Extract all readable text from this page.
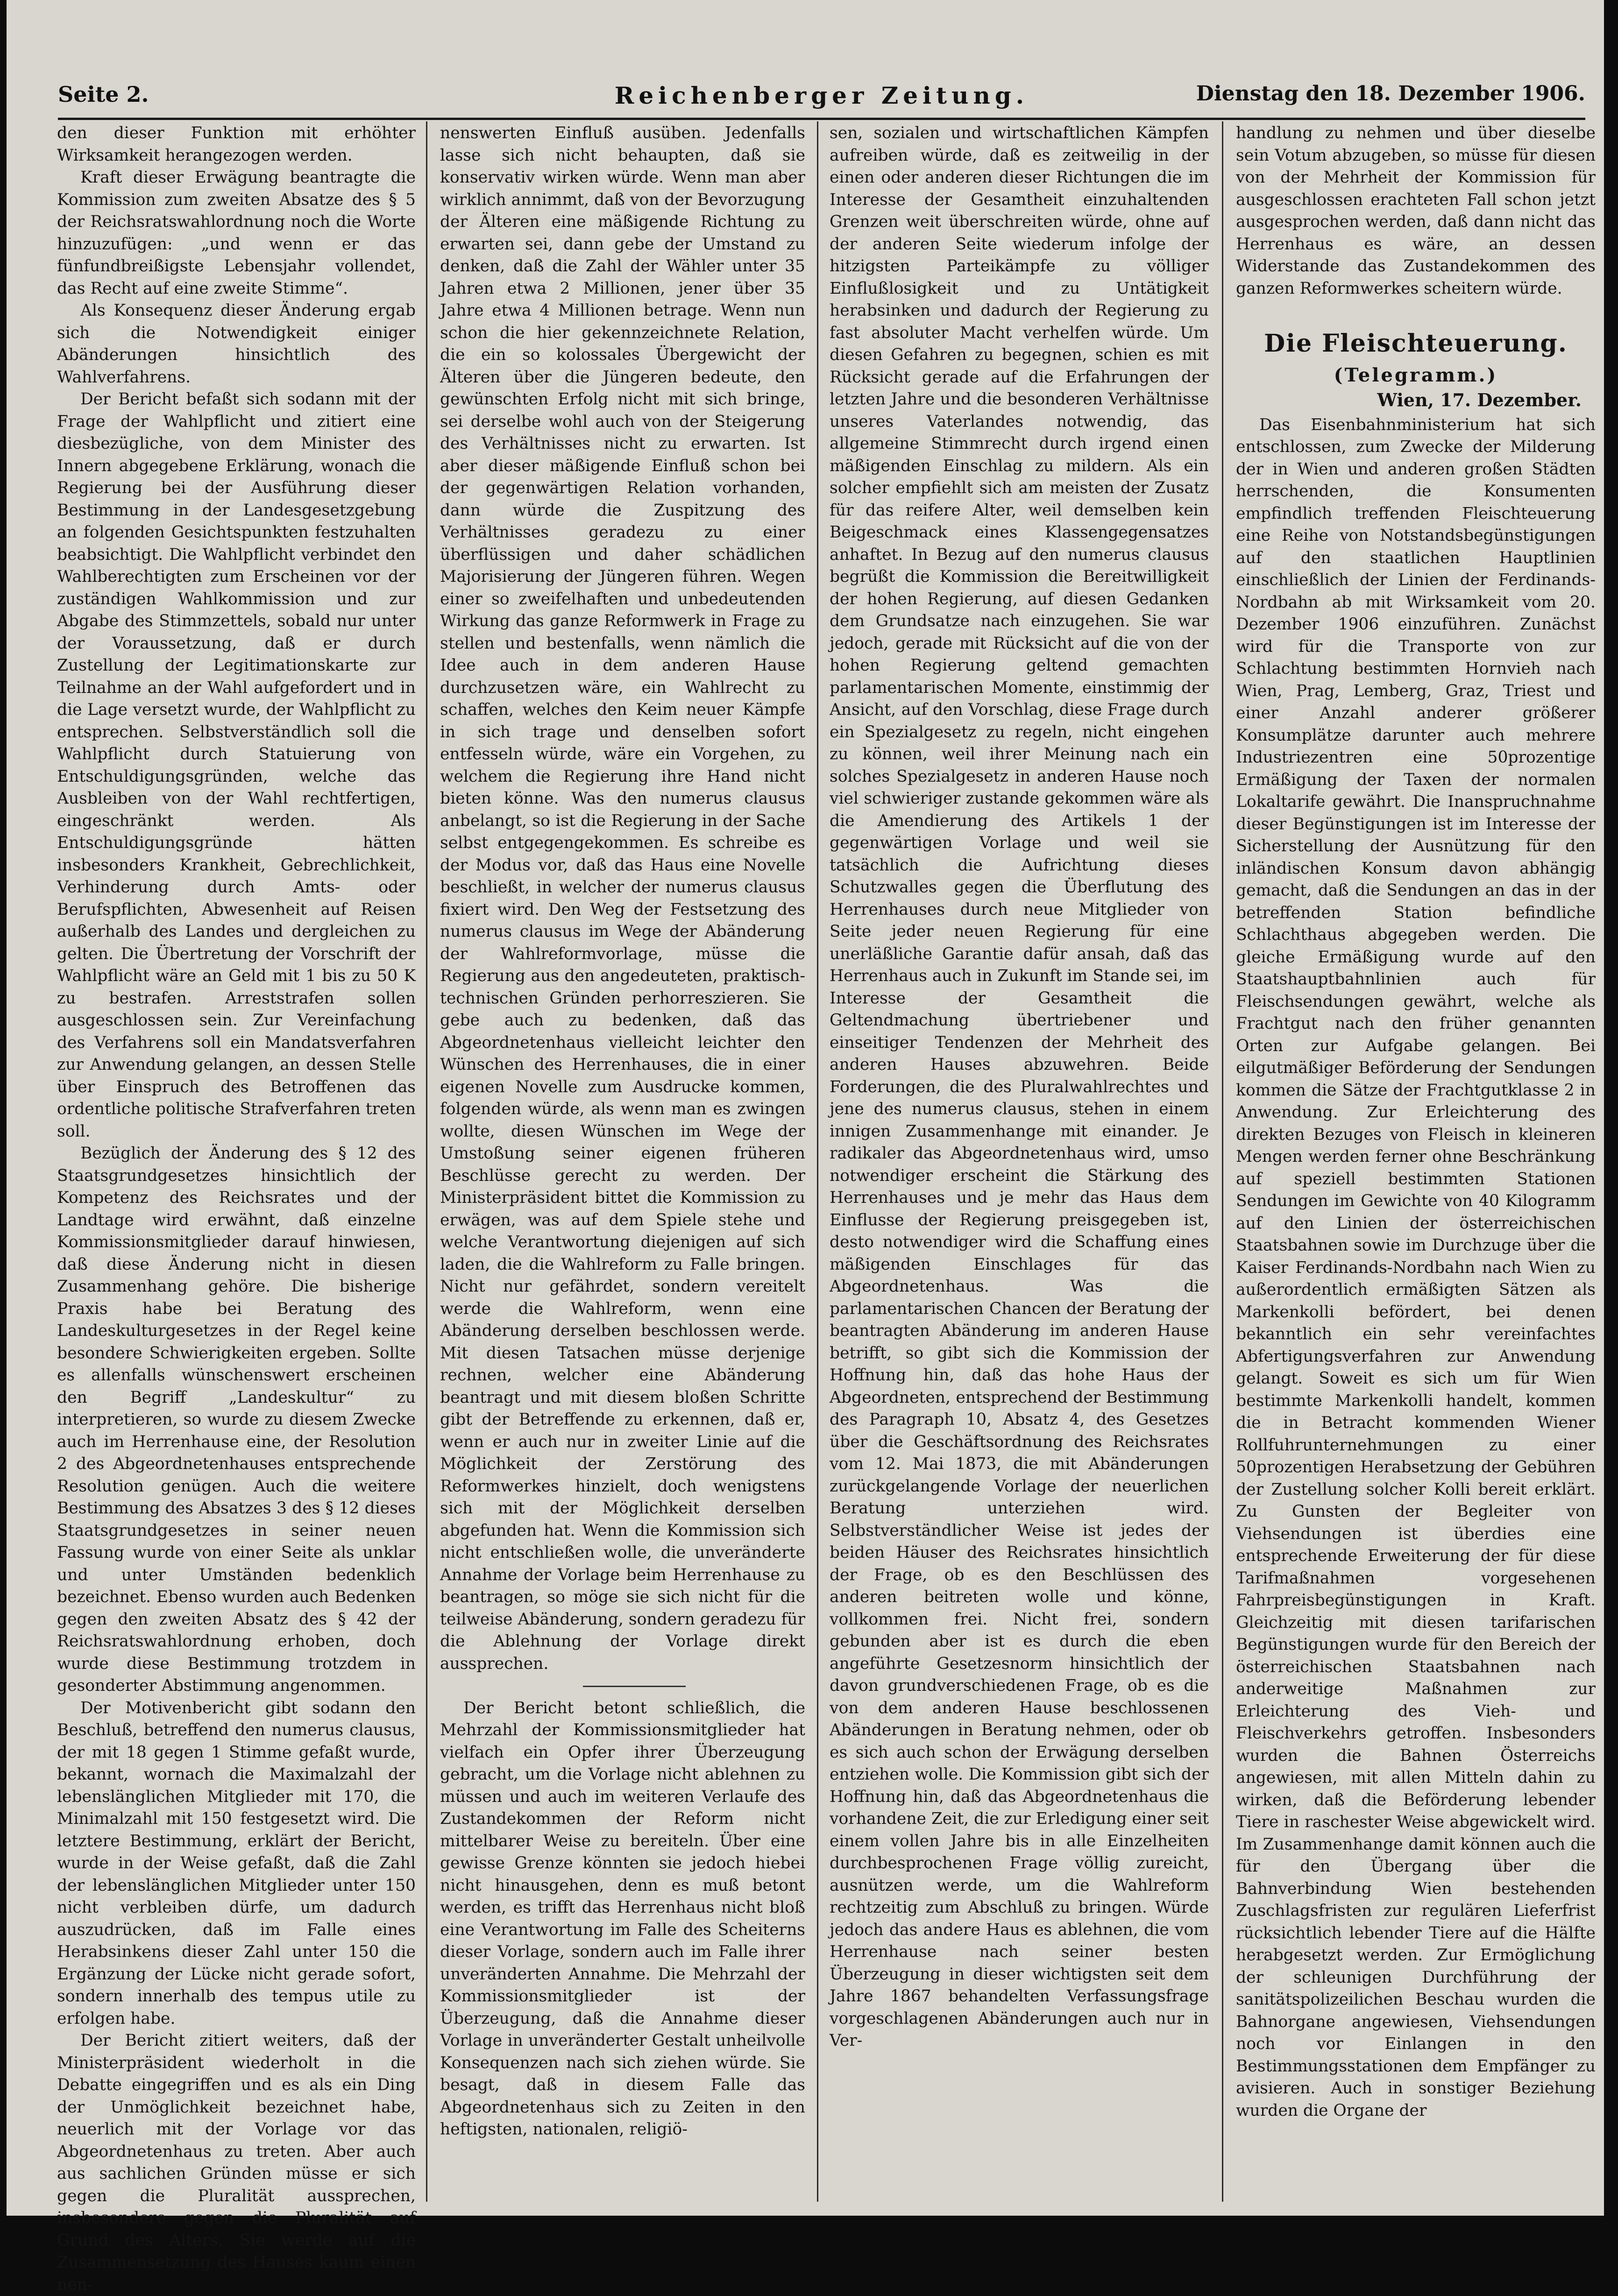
Seite 2.	Reichenberger Zeitung.	Dienstag den 18. Dezember 1906.

den dieser Funktion mit erhöhter Wirksamkeit herangezogen werden.

Kraft dieser Erwägung beantragte die Kommission zum zweiten Absatze des § 5 der Reichsratswahlordnung noch die Worte hinzuzufügen: „und wenn er das fünfundbreißigste Lebensjahr vollendet, das Recht auf eine zweite Stimme“.

Als Konsequenz dieser Änderung ergab sich die Notwendigkeit einiger Abänderungen hinsichtlich des Wahlverfahrens.

Der Bericht befaßt sich sodann mit der Frage der Wahlpflicht und zitiert eine diesbezügliche, von dem Minister des Innern abgegebene Erklärung, wonach die Regierung bei der Ausführung dieser Bestimmung in der Landesgesetzgebung an folgenden Gesichtspunkten festzuhalten beabsichtigt. Die Wahlpflicht verbindet den Wahlberechtigten zum Erscheinen vor der zuständigen Wahlkommission und zur Abgabe des Stimmzettels, sobald nur unter der Voraussetzung, daß er durch Zustellung der Legitimationskarte zur Teilnahme an der Wahl aufgefordert und in die Lage versetzt wurde, der Wahlpflicht zu entsprechen. Selbstverständlich soll die Wahlpflicht durch Statuierung von Entschuldigungsgründen, welche das Ausbleiben von der Wahl rechtfertigen, eingeschränkt werden. Als Entschuldigungsgründe hätten insbesonders Krankheit, Gebrechlichkeit, Verhinderung durch Amts- oder Berufspflichten, Abwesenheit auf Reisen außerhalb des Landes und dergleichen zu gelten. Die Übertretung der Vorschrift der Wahlpflicht wäre an Geld mit 1 bis zu 50 K zu bestrafen. Arreststrafen sollen ausgeschlossen sein. Zur Vereinfachung des Verfahrens soll ein Mandatsverfahren zur Anwendung gelangen, an dessen Stelle über Einspruch des Betroffenen das ordentliche politische Strafverfahren treten soll.

Bezüglich der Änderung des § 12 des Staatsgrundgesetzes hinsichtlich der Kompetenz des Reichsrates und der Landtage wird erwähnt, daß einzelne Kommissionsmitglieder darauf hinwiesen, daß diese Änderung nicht in diesen Zusammenhang gehöre. Die bisherige Praxis habe bei Beratung des Landeskulturgesetzes in der Regel keine besondere Schwierigkeiten ergeben. Sollte es allenfalls wünschenswert erscheinen den Begriff „Landeskultur“ zu interpretieren, so wurde zu diesem Zwecke auch im Herrenhause eine, der Resolution 2 des Abgeordnetenhauses entsprechende Resolution genügen. Auch die weitere Bestimmung des Absatzes 3 des § 12 dieses Staatsgrundgesetzes in seiner neuen Fassung wurde von einer Seite als unklar und unter Umständen bedenklich bezeichnet. Ebenso wurden auch Bedenken gegen den zweiten Absatz des § 42 der Reichsratswahlordnung erhoben, doch wurde diese Bestimmung trotzdem in gesonderter Abstimmung angenommen.

Der Motivenbericht gibt sodann den Beschluß, betreffend den numerus clausus, der mit 18 gegen 1 Stimme gefaßt wurde, bekannt, wornach die Maximalzahl der lebenslänglichen Mitglieder mit 170, die Minimalzahl mit 150 festgesetzt wird. Die letztere Bestimmung, erklärt der Bericht, wurde in der Weise gefaßt, daß die Zahl der lebenslänglichen Mitglieder unter 150 nicht verbleiben dürfe, um dadurch auszudrücken, daß im Falle eines Herabsinkens dieser Zahl unter 150 die Ergänzung der Lücke nicht gerade sofort, sondern innerhalb des tempus utile zu erfolgen habe.

Der Bericht zitiert weiters, daß der Ministerpräsident wiederholt in die Debatte eingegriffen und es als ein Ding der Unmöglichkeit bezeichnet habe, neuerlich mit der Vorlage vor das Abgeordnetenhaus zu treten. Aber auch aus sachlichen Gründen müsse er sich gegen die Pluralität aussprechen, insbesondere gegen die Pluralität auf Grund des Alters. Sie werde auf die Zusammensetzung des Hauses kaum einen nen-

nenswerten Einfluß ausüben. Jedenfalls lasse sich nicht behaupten, daß sie konservativ wirken würde. Wenn man aber wirklich annimmt, daß von der Bevorzugung der Älteren eine mäßigende Richtung zu erwarten sei, dann gebe der Umstand zu denken, daß die Zahl der Wähler unter 35 Jahren etwa 2 Millionen, jener über 35 Jahre etwa 4 Millionen betrage. Wenn nun schon die hier gekennzeichnete Relation, die ein so kolossales Übergewicht der Älteren über die Jüngeren bedeute, den gewünschten Erfolg nicht mit sich bringe, sei derselbe wohl auch von der Steigerung des Verhältnisses nicht zu erwarten. Ist aber dieser mäßigende Einfluß schon bei der gegenwärtigen Relation vorhanden, dann würde die Zuspitzung des Verhältnisses geradezu zu einer überflüssigen und daher schädlichen Majorisierung der Jüngeren führen. Wegen einer so zweifelhaften und unbedeutenden Wirkung das ganze Reformwerk in Frage zu stellen und bestenfalls, wenn nämlich die Idee auch in dem anderen Hause durchzusetzen wäre, ein Wahlrecht zu schaffen, welches den Keim neuer Kämpfe in sich trage und denselben sofort entfesseln würde, wäre ein Vorgehen, zu welchem die Regierung ihre Hand nicht bieten könne. Was den numerus clausus anbelangt, so ist die Regierung in der Sache selbst entgegengekommen. Es schreibe es der Modus vor, daß das Haus eine Novelle beschließt, in welcher der numerus clausus fixiert wird. Den Weg der Festsetzung des numerus clausus im Wege der Abänderung der Wahlreformvorlage, müsse die Regierung aus den angedeuteten, praktisch-technischen Gründen perhorreszieren. Sie gebe auch zu bedenken, daß das Abgeordnetenhaus vielleicht leichter den Wünschen des Herrenhauses, die in einer eigenen Novelle zum Ausdrucke kommen, folgenden würde, als wenn man es zwingen wollte, diesen Wünschen im Wege der Umstoßung seiner eigenen früheren Beschlüsse gerecht zu werden. Der Ministerpräsident bittet die Kommission zu erwägen, was auf dem Spiele stehe und welche Verantwortung diejenigen auf sich laden, die die Wahlreform zu Falle bringen. Nicht nur gefährdet, sondern vereitelt werde die Wahlreform, wenn eine Abänderung derselben beschlossen werde. Mit diesen Tatsachen müsse derjenige rechnen, welcher eine Abänderung beantragt und mit diesem bloßen Schritte gibt der Betreffende zu erkennen, daß er, wenn er auch nur in zweiter Linie auf die Möglichkeit der Zerstörung des Reformwerkes hinzielt, doch wenigstens sich mit der Möglichkeit derselben abgefunden hat. Wenn die Kommission sich nicht entschließen wolle, die unveränderte Annahme der Vorlage beim Herrenhause zu beantragen, so möge sie sich nicht für die teilweise Abänderung, sondern geradezu für die Ablehnung der Vorlage direkt aussprechen.

Der Bericht betont schließlich, die Mehrzahl der Kommissionsmitglieder hat vielfach ein Opfer ihrer Überzeugung gebracht, um die Vorlage nicht ablehnen zu müssen und auch im weiteren Verlaufe des Zustandekommen der Reform nicht mittelbarer Weise zu bereiteln. Über eine gewisse Grenze könnten sie jedoch hiebei nicht hinausgehen, denn es muß betont werden, es trifft das Herrenhaus nicht bloß eine Verantwortung im Falle des Scheiterns dieser Vorlage, sondern auch im Falle ihrer unveränderten Annahme. Die Mehrzahl der Kommissionsmitglieder ist der Überzeugung, daß die Annahme dieser Vorlage in unveränderter Gestalt unheilvolle Konsequenzen nach sich ziehen würde. Sie besagt, daß in diesem Falle das Abgeordnetenhaus sich zu Zeiten in den heftigsten, nationalen, religiö-

sen, sozialen und wirtschaftlichen Kämpfen aufreiben würde, daß es zeitweilig in der einen oder anderen dieser Richtungen die im Interesse der Gesamtheit einzuhaltenden Grenzen weit überschreiten würde, ohne auf der anderen Seite wiederum infolge der hitzigsten Parteikämpfe zu völliger Einflußlosigkeit und zu Untätigkeit herabsinken und dadurch der Regierung zu fast absoluter Macht verhelfen würde. Um diesen Gefahren zu begegnen, schien es mit Rücksicht gerade auf die Erfahrungen der letzten Jahre und die besonderen Verhältnisse unseres Vaterlandes notwendig, das allgemeine Stimmrecht durch irgend einen mäßigenden Einschlag zu mildern. Als ein solcher empfiehlt sich am meisten der Zusatz für das reifere Alter, weil demselben kein Beigeschmack eines Klassengegensatzes anhaftet. In Bezug auf den numerus clausus begrüßt die Kommission die Bereitwilligkeit der hohen Regierung, auf diesen Gedanken dem Grundsatze nach einzugehen. Sie war jedoch, gerade mit Rücksicht auf die von der hohen Regierung geltend gemachten parlamentarischen Momente, einstimmig der Ansicht, auf den Vorschlag, diese Frage durch ein Spezialgesetz zu regeln, nicht eingehen zu können, weil ihrer Meinung nach ein solches Spezialgesetz in anderen Hause noch viel schwieriger zustande gekommen wäre als die Amendierung des Artikels 1 der gegenwärtigen Vorlage und weil sie tatsächlich die Aufrichtung dieses Schutzwalles gegen die Überflutung des Herrenhauses durch neue Mitglieder von Seite jeder neuen Regierung für eine unerläßliche Garantie dafür ansah, daß das Herrenhaus auch in Zukunft im Stande sei, im Interesse der Gesamtheit die Geltendmachung übertriebener und einseitiger Tendenzen der Mehrheit des anderen Hauses abzuwehren. Beide Forderungen, die des Pluralwahlrechtes und jene des numerus clausus, stehen in einem innigen Zusammenhange mit einander. Je radikaler das Abgeordnetenhaus wird, umso notwendiger erscheint die Stärkung des Herrenhauses und je mehr das Haus dem Einflusse der Regierung preisgegeben ist, desto notwendiger wird die Schaffung eines mäßigenden Einschlages für das Abgeordnetenhaus. Was die parlamentarischen Chancen der Beratung der beantragten Abänderung im anderen Hause betrifft, so gibt sich die Kommission der Hoffnung hin, daß das hohe Haus der Abgeordneten, entsprechend der Bestimmung des Paragraph 10, Absatz 4, des Gesetzes über die Geschäftsordnung des Reichsrates vom 12. Mai 1873, die mit Abänderungen zurückgelangende Vorlage der neuerlichen Beratung unterziehen wird. Selbstverständlicher Weise ist jedes der beiden Häuser des Reichsrates hinsichtlich der Frage, ob es den Beschlüssen des anderen beitreten wolle und könne, vollkommen frei. Nicht frei, sondern gebunden aber ist es durch die eben angeführte Gesetzesnorm hinsichtlich der davon grundverschiedenen Frage, ob es die von dem anderen Hause beschlossenen Abänderungen in Beratung nehmen, oder ob es sich auch schon der Erwägung derselben entziehen wolle. Die Kommission gibt sich der Hoffnung hin, daß das Abgeordnetenhaus die vorhandene Zeit, die zur Erledigung einer seit einem vollen Jahre bis in alle Einzelheiten durchbesprochenen Frage völlig zureicht, ausnützen werde, um die Wahlreform rechtzeitig zum Abschluß zu bringen. Würde jedoch das andere Haus es ablehnen, die vom Herrenhause nach seiner besten Überzeugung in dieser wichtigsten seit dem Jahre 1867 behandelten Verfassungsfrage vorgeschlagenen Abänderungen auch nur in Ver-

handlung zu nehmen und über dieselbe sein Votum abzugeben, so müsse für diesen von der Mehrheit der Kommission für ausgeschlossen erachteten Fall schon jetzt ausgesprochen werden, daß dann nicht das Herrenhaus es wäre, an dessen Widerstande das Zustandekommen des ganzen Reformwerkes scheitern würde.

Die Fleischteuerung.
(Telegramm.)
Wien, 17. Dezember.

Das Eisenbahnministerium hat sich entschlossen, zum Zwecke der Milderung der in Wien und anderen großen Städten herrschenden, die Konsumenten empfindlich treffenden Fleischteuerung eine Reihe von Notstandsbegünstigungen auf den staatlichen Hauptlinien einschließlich der Linien der Ferdinands-Nordbahn ab mit Wirksamkeit vom 20. Dezember 1906 einzuführen. Zunächst wird für die Transporte von zur Schlachtung bestimmten Hornvieh nach Wien, Prag, Lemberg, Graz, Triest und einer Anzahl anderer größerer Konsumplätze darunter auch mehrere Industriezentren eine 50prozentige Ermäßigung der Taxen der normalen Lokaltarife gewährt. Die Inanspruchnahme dieser Begünstigungen ist im Interesse der Sicherstellung der Ausnützung für den inländischen Konsum davon abhängig gemacht, daß die Sendungen an das in der betreffenden Station befindliche Schlachthaus abgegeben werden. Die gleiche Ermäßigung wurde auf den Staatshauptbahnlinien auch für Fleischsendungen gewährt, welche als Frachtgut nach den früher genannten Orten zur Aufgabe gelangen. Bei eilgutmäßiger Beförderung der Sendungen kommen die Sätze der Frachtgutklasse 2 in Anwendung. Zur Erleichterung des direkten Bezuges von Fleisch in kleineren Mengen werden ferner ohne Beschränkung auf speziell bestimmten Stationen Sendungen im Gewichte von 40 Kilogramm auf den Linien der österreichischen Staatsbahnen sowie im Durchzuge über die Kaiser Ferdinands-Nordbahn nach Wien zu außerordentlich ermäßigten Sätzen als Markenkolli befördert, bei denen bekanntlich ein sehr vereinfachtes Abfertigungsverfahren zur Anwendung gelangt. Soweit es sich um für Wien bestimmte Markenkolli handelt, kommen die in Betracht kommenden Wiener Rollfuhrunternehmungen zu einer 50prozentigen Herabsetzung der Gebühren der Zustellung solcher Kolli bereit erklärt. Zu Gunsten der Begleiter von Viehsendungen ist überdies eine entsprechende Erweiterung der für diese Tarifmaßnahmen vorgesehenen Fahrpreisbegünstigungen in Kraft. Gleichzeitig mit diesen tarifarischen Begünstigungen wurde für den Bereich der österreichischen Staatsbahnen nach anderweitige Maßnahmen zur Erleichterung des Vieh- und Fleischverkehrs getroffen. Insbesonders wurden die Bahnen Österreichs angewiesen, mit allen Mitteln dahin zu wirken, daß die Beförderung lebender Tiere in raschester Weise abgewickelt wird. Im Zusammenhange damit können auch die für den Übergang über die Bahnverbindung Wien bestehenden Zuschlagsfristen zur regulären Lieferfrist rücksichtlich lebender Tiere auf die Hälfte herabgesetzt werden. Zur Ermöglichung der schleunigen Durchführung der sanitätspolizeilichen Beschau wurden die Bahnorgane angewiesen, Viehsendungen noch vor Einlangen in den Bestimmungsstationen dem Empfänger zu avisieren. Auch in sonstiger Beziehung wurden die Organe der
